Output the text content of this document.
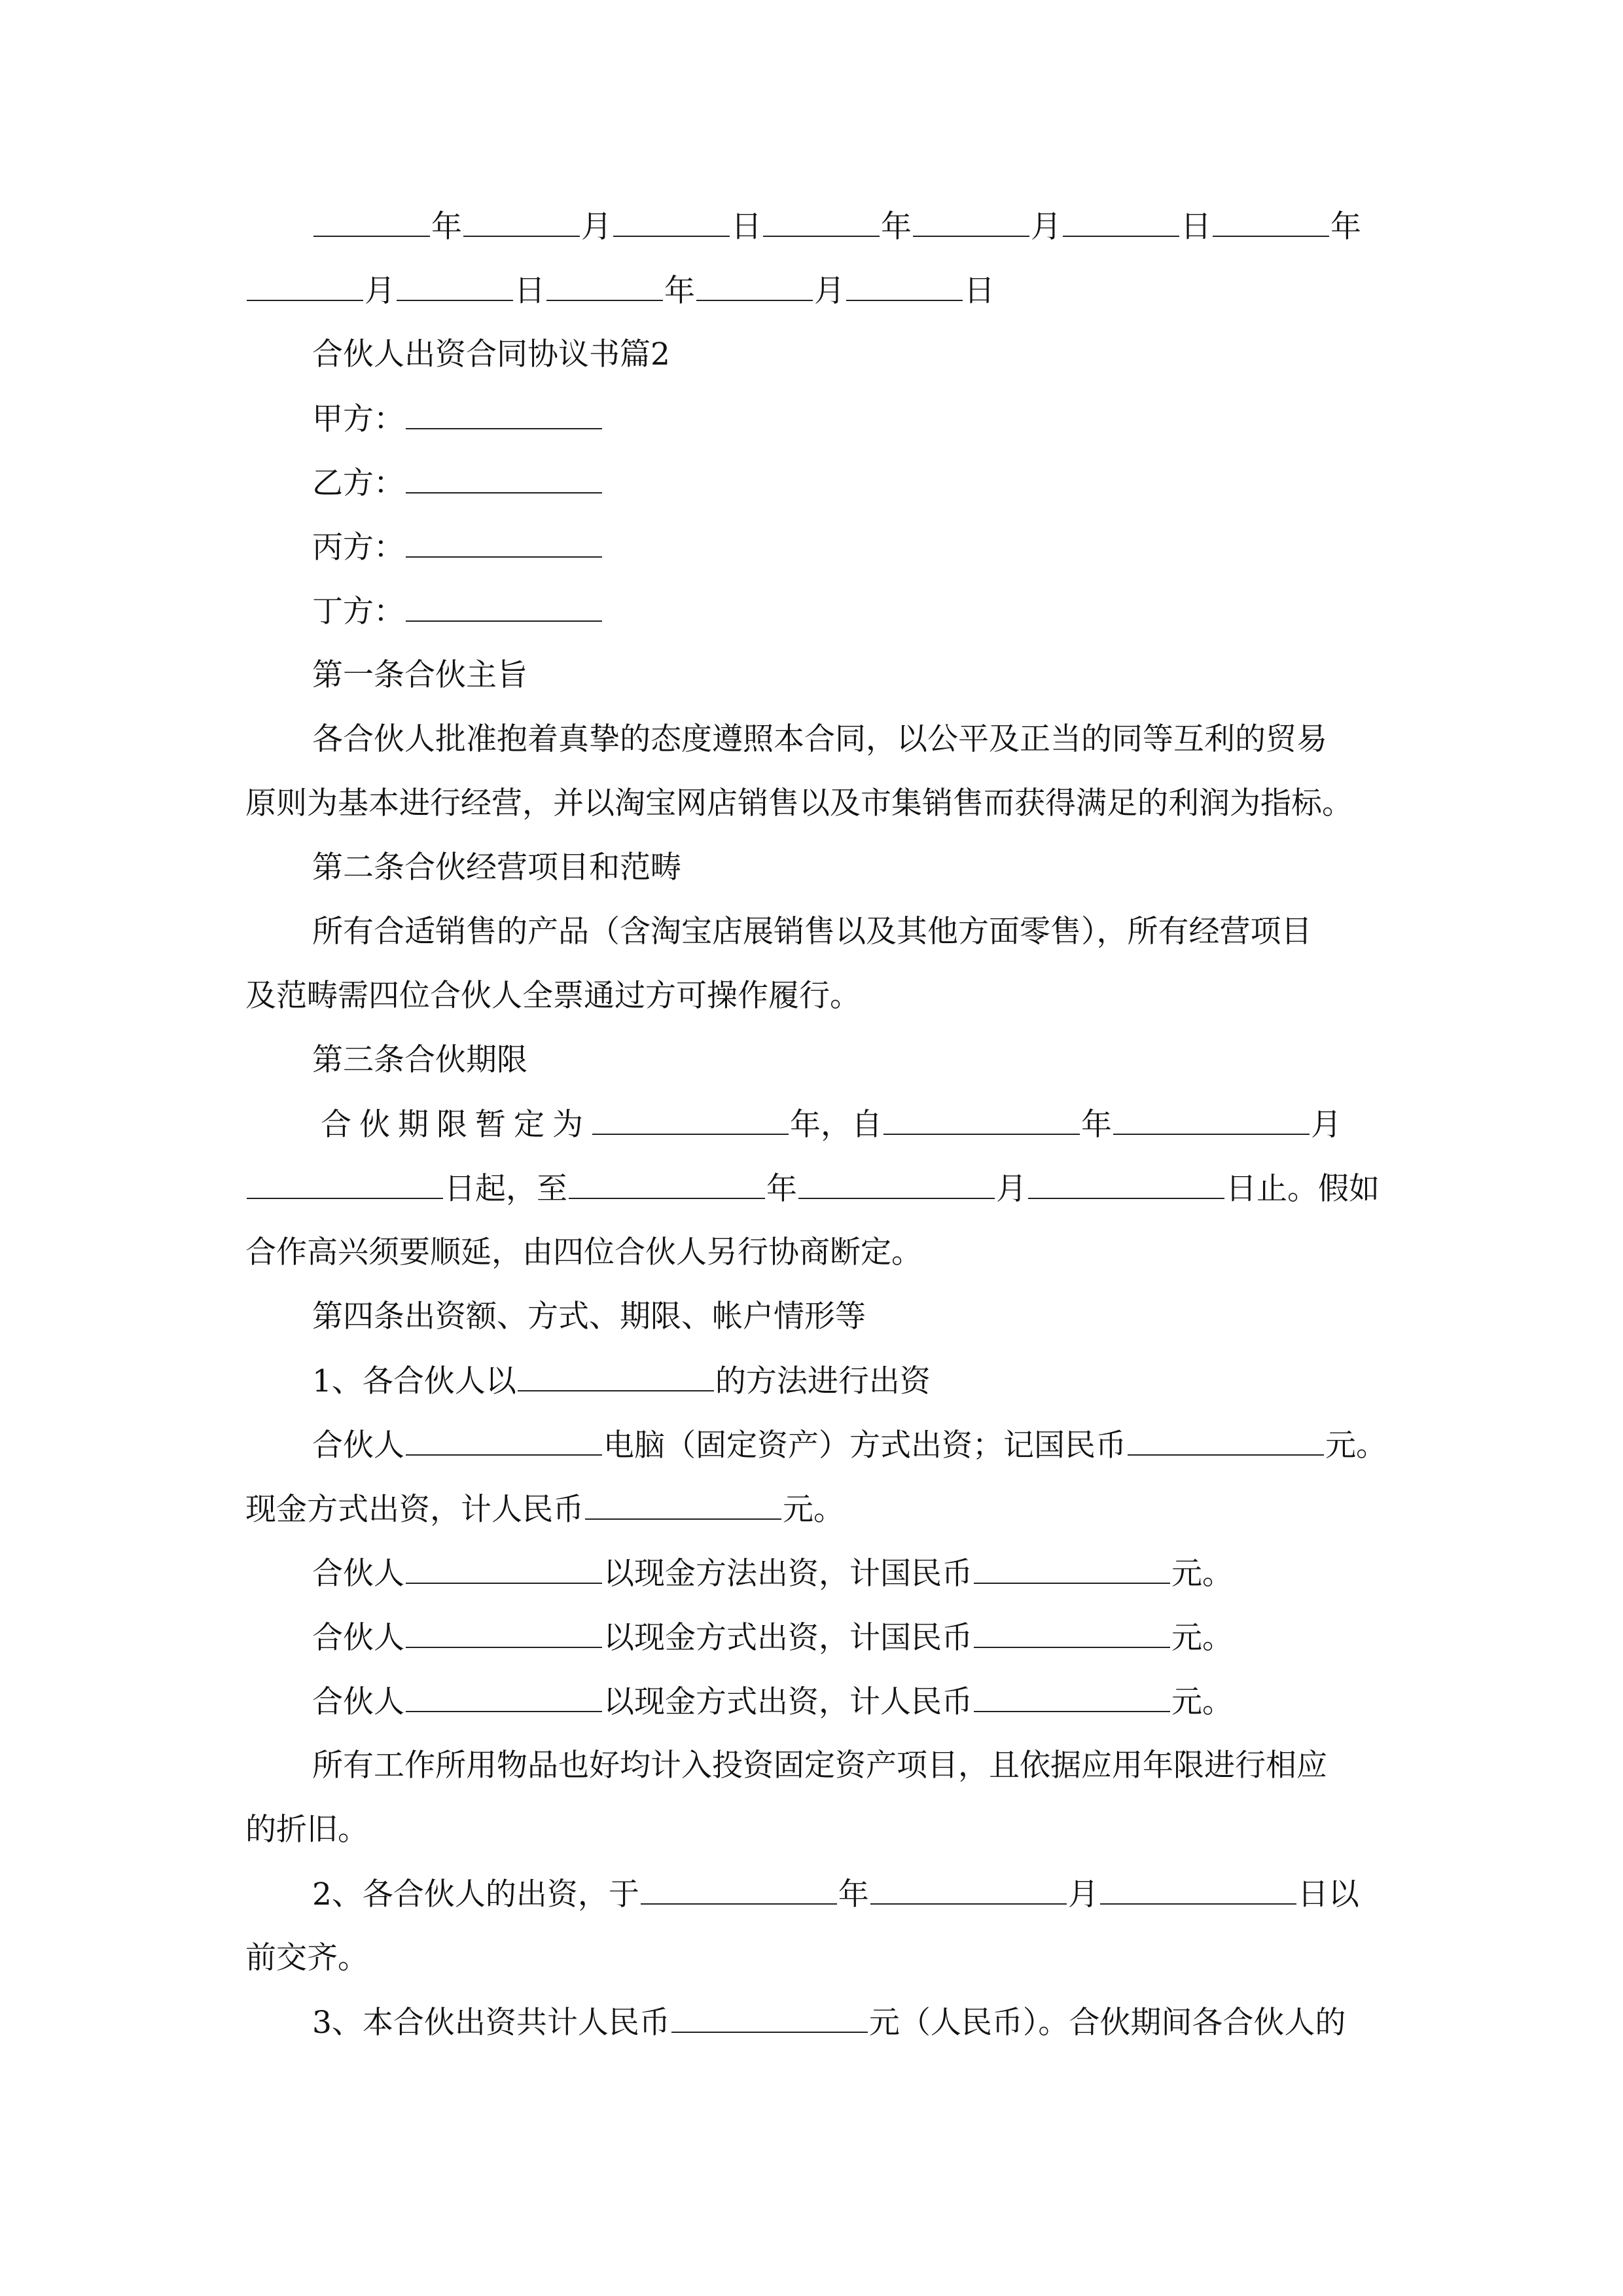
年	月	日	年	月	日	年
月	日	年	月	日
合伙人出资合同协议书篇2
甲方：
乙方：
丙方：
丁方：
第一条合伙主旨
各合伙人批准抱着真挚的态度遵照本合同，以公平及正当的同等互利的贸易
原则为基本进行经营，并以淘宝网店销售以及市集销售而获得满足的利润为指标。
第二条合伙经营项目和范畴
所有合适销售的产品（含淘宝店展销售以及其他方面零售），所有经营项目
及范畴需四位合伙人全票通过方可操作履行。
第三条合伙期限
合伙期限暂定为	年，自	年	月
日起，至	年	月	日止。假如
合作高兴须要顺延，由四位合伙人另行协商断定。
第四条出资额、方式、期限、帐户情形等
1、各合伙人以	的方法进行出资
合伙人	电脑（固定资产）方式出资；记国民币	元。
现金方式出资，计人民币	元。
合伙人	以现金方法出资，计国民币	元。
合伙人	以现金方式出资，计国民币	元。
合伙人	以现金方式出资，计人民币	元。
所有工作所用物品也好均计入投资固定资产项目，且依据应用年限进行相应
的折旧。
2、各合伙人的出资，于	年	月	日以
前交齐。
3、本合伙出资共计人民币	元（人民币）。合伙期间各合伙人的
